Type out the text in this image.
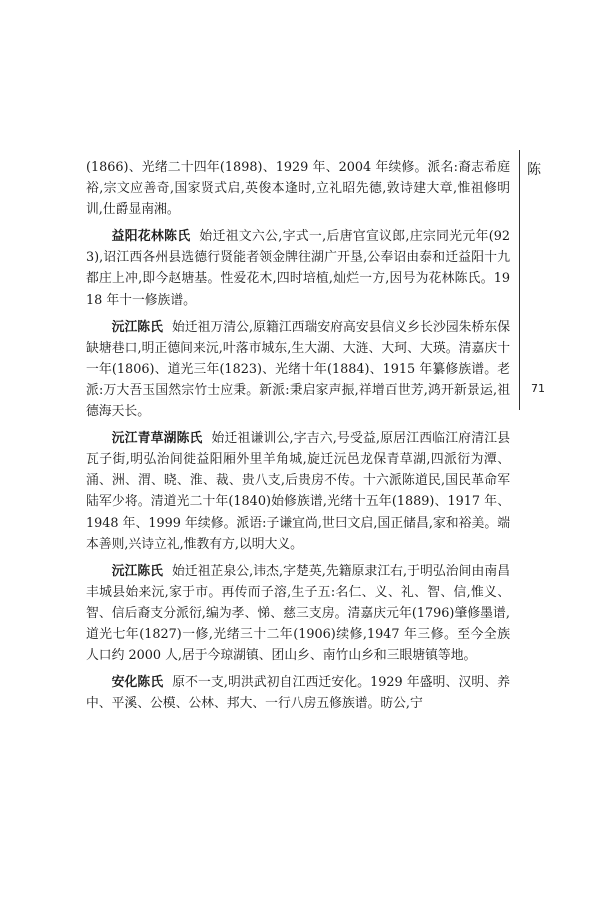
陈
71

(1866)、光绪二十四年(1898)、1929 年、2004 年续修。派名:裔志希庭裕,宗文应善奇,国家贤式启,英俊本逢时,立礼昭先德,敦诗建大章,惟祖修明训,仕爵显南湘。

益阳花林陈氏 始迁祖文六公,字式一,后唐官宣议郎,庄宗同光元年(923),诏江西各州县选德行贤能者领金牌往湖广开垦,公奉诏由泰和迁益阳十九都庄上冲,即今赵塘基。性爱花木,四时培植,灿烂一方,因号为花林陈氏。1918 年十一修族谱。

沅江陈氏 始迁祖万清公,原籍江西瑞安府高安县信义乡长沙园朱桥东保缺塘巷口,明正德间来沅,叶落市城东,生大湖、大涟、大珂、大瑛。清嘉庆十一年(1806)、道光三年(1823)、光绪十年(1884)、1915 年纂修族谱。老派:万大吾玉国然宗竹士应秉。新派:秉启家声振,祥增百世芳,鸿开新景运,祖德海天长。

沅江青草湖陈氏 始迁祖谦训公,字吉六,号受益,原居江西临江府清江县瓦子街,明弘治间徙益阳厢外里羊角城,旋迁沅邑龙保青草湖,四派衍为潭、涌、洲、渭、晓、淮、裁、贵八支,后贵房不传。十六派陈道民,国民革命军陆军少将。清道光二十年(1840)始修族谱,光绪十五年(1889)、1917 年、1948 年、1999 年续修。派语:子谦宜尚,世曰文启,国正储昌,家和裕美。端本善则,兴诗立礼,惟教有方,以明大义。

沅江陈氏 始迁祖芷泉公,讳杰,字楚英,先籍原隶江右,于明弘治间由南昌丰城县始来沅,家于市。再传而子溶,生子五:名仁、义、礼、智、信,惟义、智、信后裔支分派衍,编为孝、悌、慈三支房。清嘉庆元年(1796)肇修墨谱,道光七年(1827)一修,光绪三十二年(1906)续修,1947 年三修。至今全族人口约 2000 人,居于今琼湖镇、团山乡、南竹山乡和三眼塘镇等地。

安化陈氏 原不一支,明洪武初自江西迁安化。1929 年盛明、汉明、养中、平溪、公模、公林、邦大、一行八房五修族谱。昉公,宁
